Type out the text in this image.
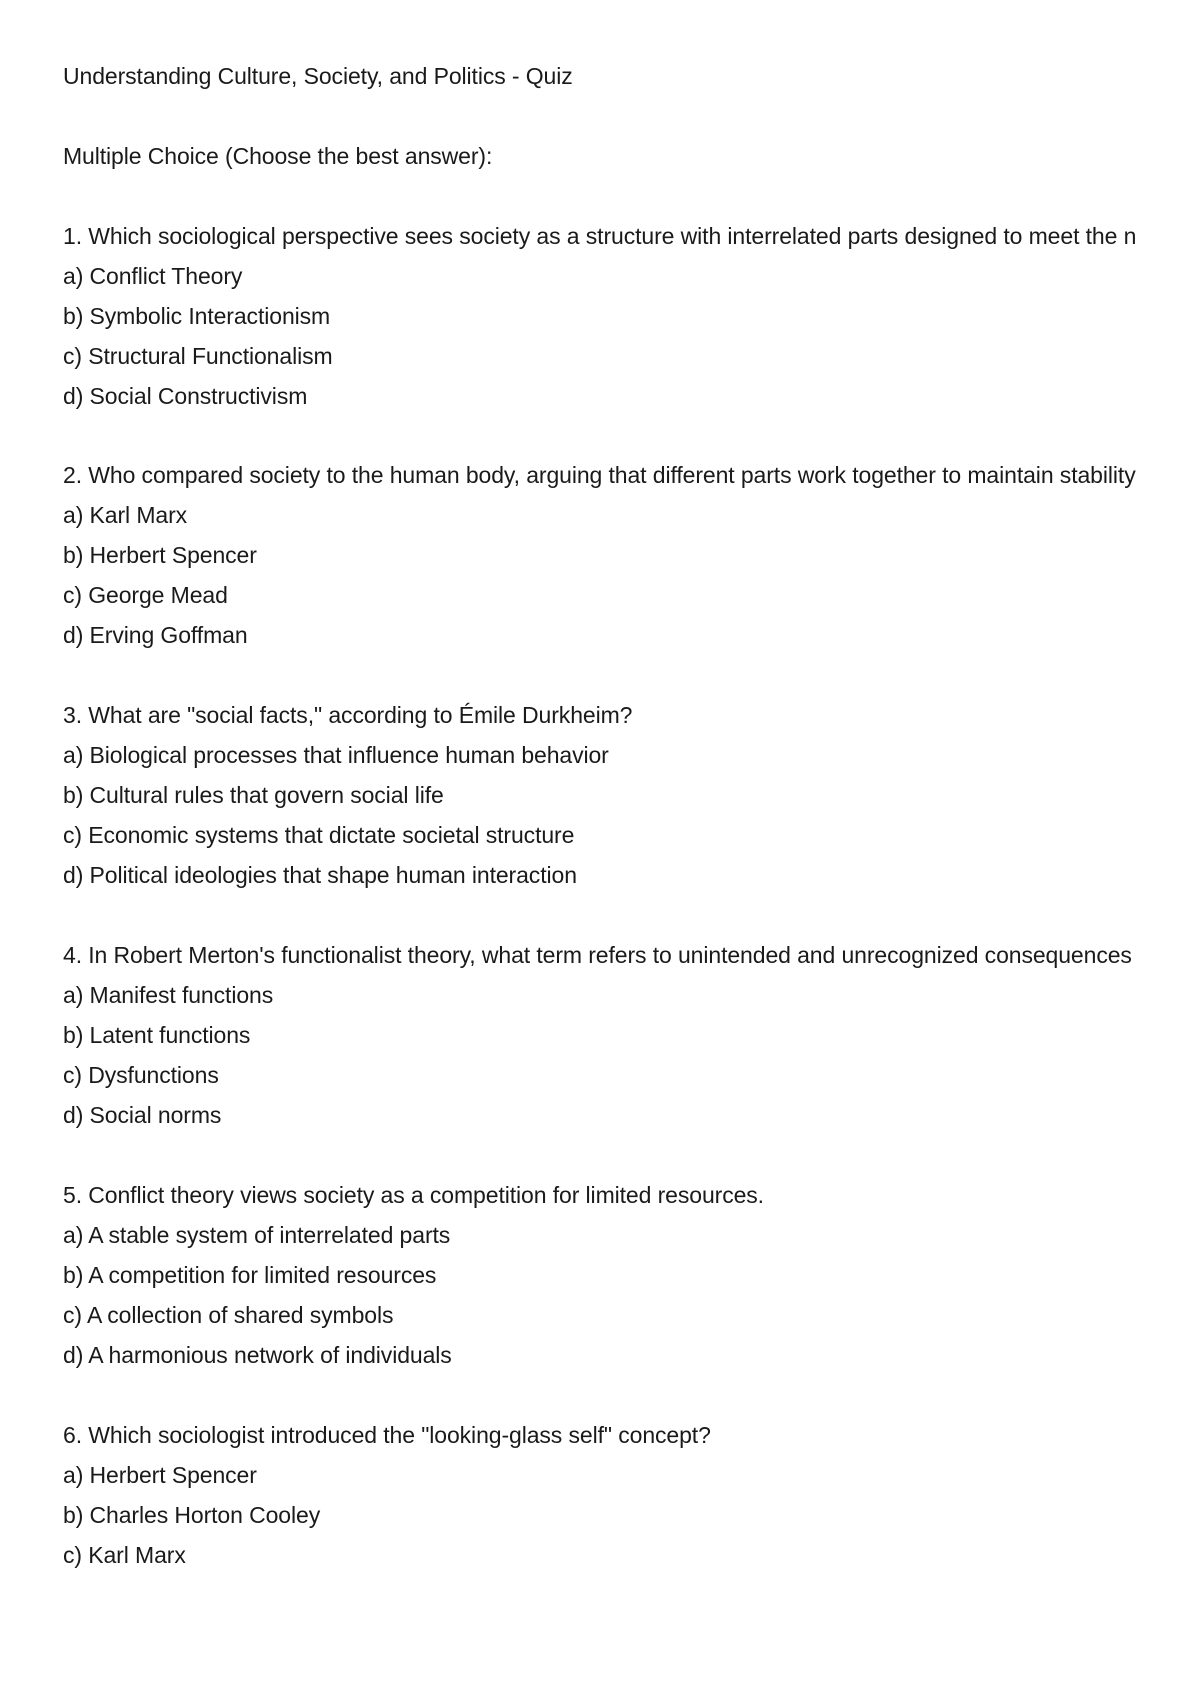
Understanding Culture, Society, and Politics - Quiz
Multiple Choice (Choose the best answer):
1. Which sociological perspective sees society as a structure with interrelated parts designed to meet the n
a) Conflict Theory
b) Symbolic Interactionism
c) Structural Functionalism
d) Social Constructivism
2. Who compared society to the human body, arguing that different parts work together to maintain stability
a) Karl Marx
b) Herbert Spencer
c) George Mead
d) Erving Goffman
3. What are "social facts," according to Émile Durkheim?
a) Biological processes that influence human behavior
b) Cultural rules that govern social life
c) Economic systems that dictate societal structure
d) Political ideologies that shape human interaction
4. In Robert Merton's functionalist theory, what term refers to unintended and unrecognized consequences
a) Manifest functions
b) Latent functions
c) Dysfunctions
d) Social norms
5. Conflict theory views society as a competition for limited resources.
a) A stable system of interrelated parts
b) A competition for limited resources
c) A collection of shared symbols
d) A harmonious network of individuals
6. Which sociologist introduced the "looking-glass self" concept?
a) Herbert Spencer
b) Charles Horton Cooley
c) Karl Marx
